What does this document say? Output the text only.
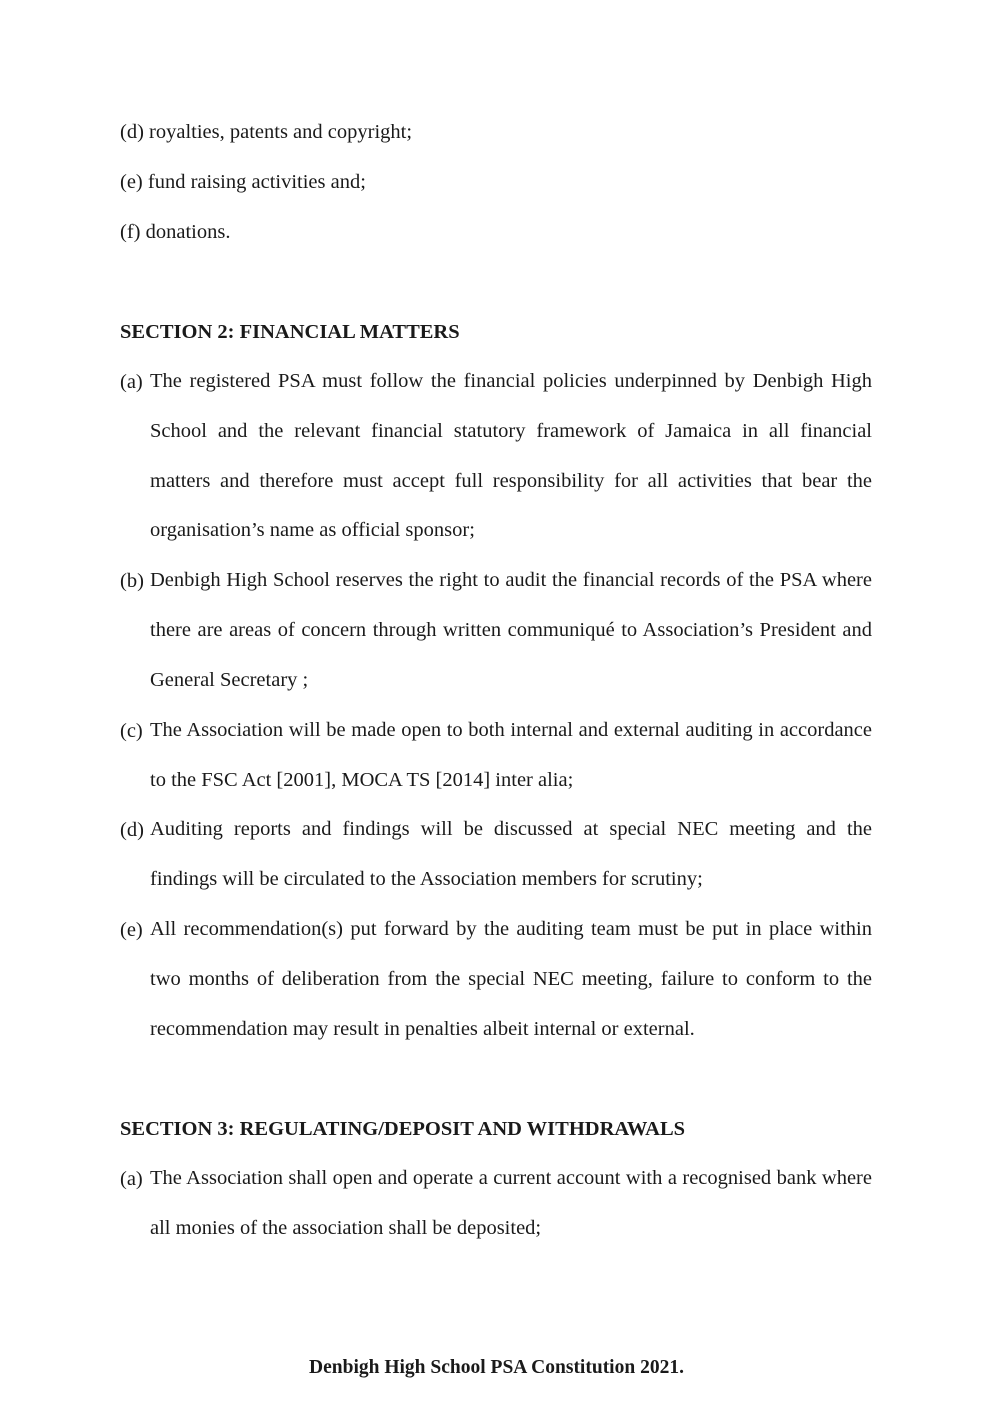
(d) royalties, patents and copyright;
(e) fund raising activities and;
(f) donations.
SECTION 2: FINANCIAL MATTERS
(a) The registered PSA must follow the financial policies underpinned by Denbigh High School and the relevant financial statutory framework of Jamaica in all financial matters and therefore must accept full responsibility for all activities that bear the organisation’s name as official sponsor;
(b) Denbigh High School reserves the right to audit the financial records of the PSA where there are areas of concern through written communiqué to Association’s President and General Secretary ;
(c) The Association will be made open to both internal and external auditing in accordance to the FSC Act [2001], MOCA TS [2014] inter alia;
(d) Auditing reports and findings will be discussed at special NEC meeting and the findings will be circulated to the Association members for scrutiny;
(e) All recommendation(s) put forward by the auditing team must be put in place within two months of deliberation from the special NEC meeting, failure to conform to the recommendation may result in penalties albeit internal or external.
SECTION 3: REGULATING/DEPOSIT AND WITHDRAWALS
(a) The Association shall open and operate a current account with a recognised bank where all monies of the association shall be deposited;
Denbigh High School PSA Constitution 2021.
